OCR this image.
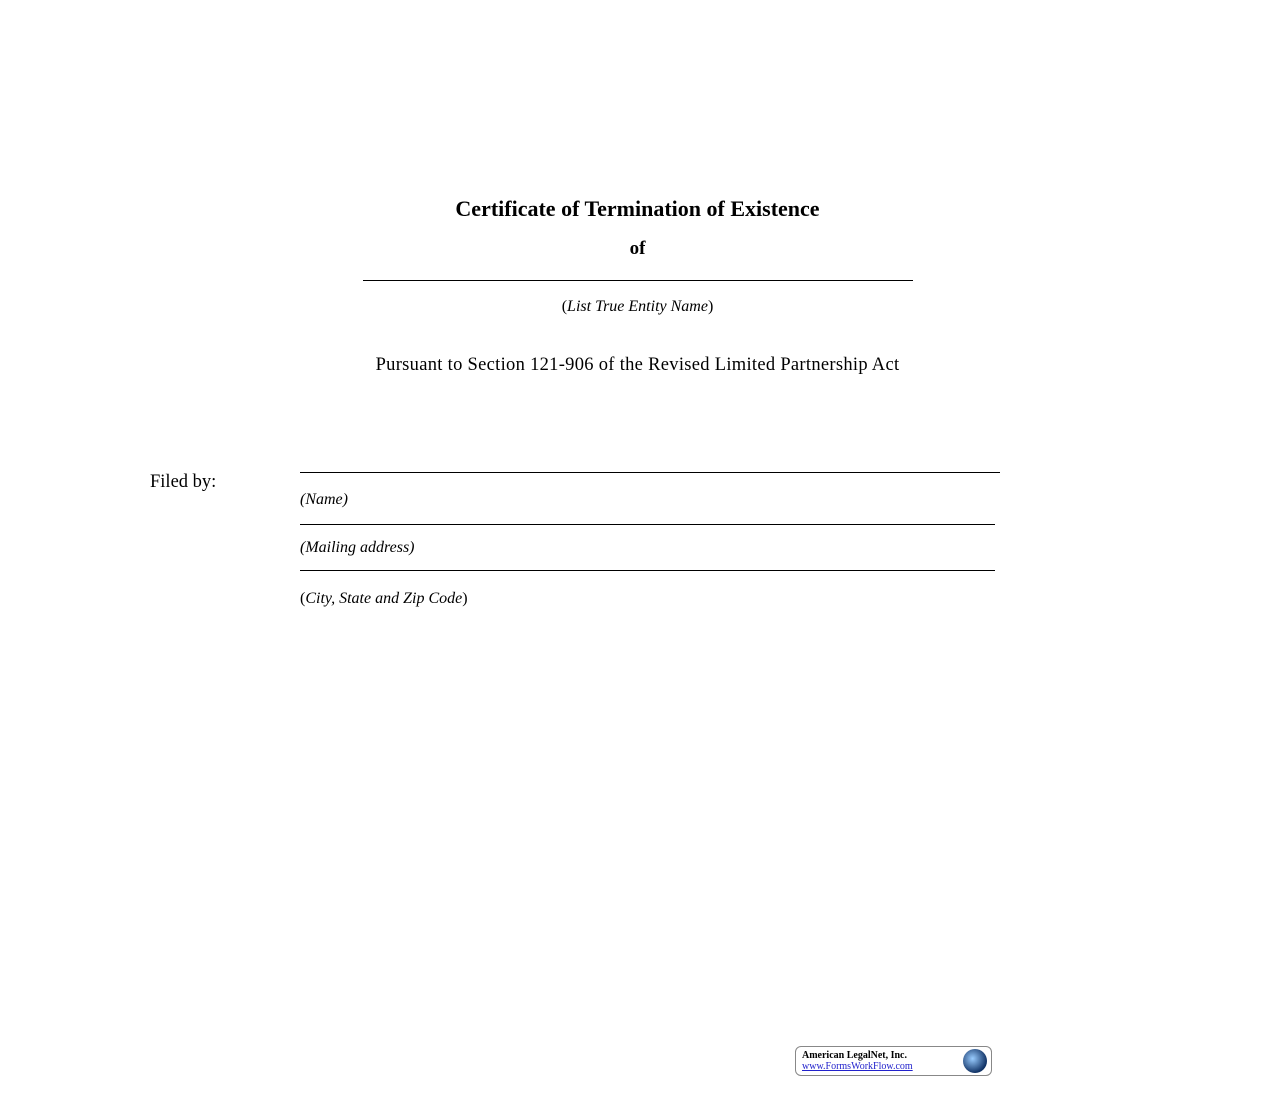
Certificate of Termination of Existence
of
(List True Entity Name)
Pursuant to Section 121-906 of the Revised Limited Partnership Act
Filed by:
(Name)
(Mailing address)
(City, State and Zip Code)
American LegalNet, Inc.
www.FormsWorkFlow.com
